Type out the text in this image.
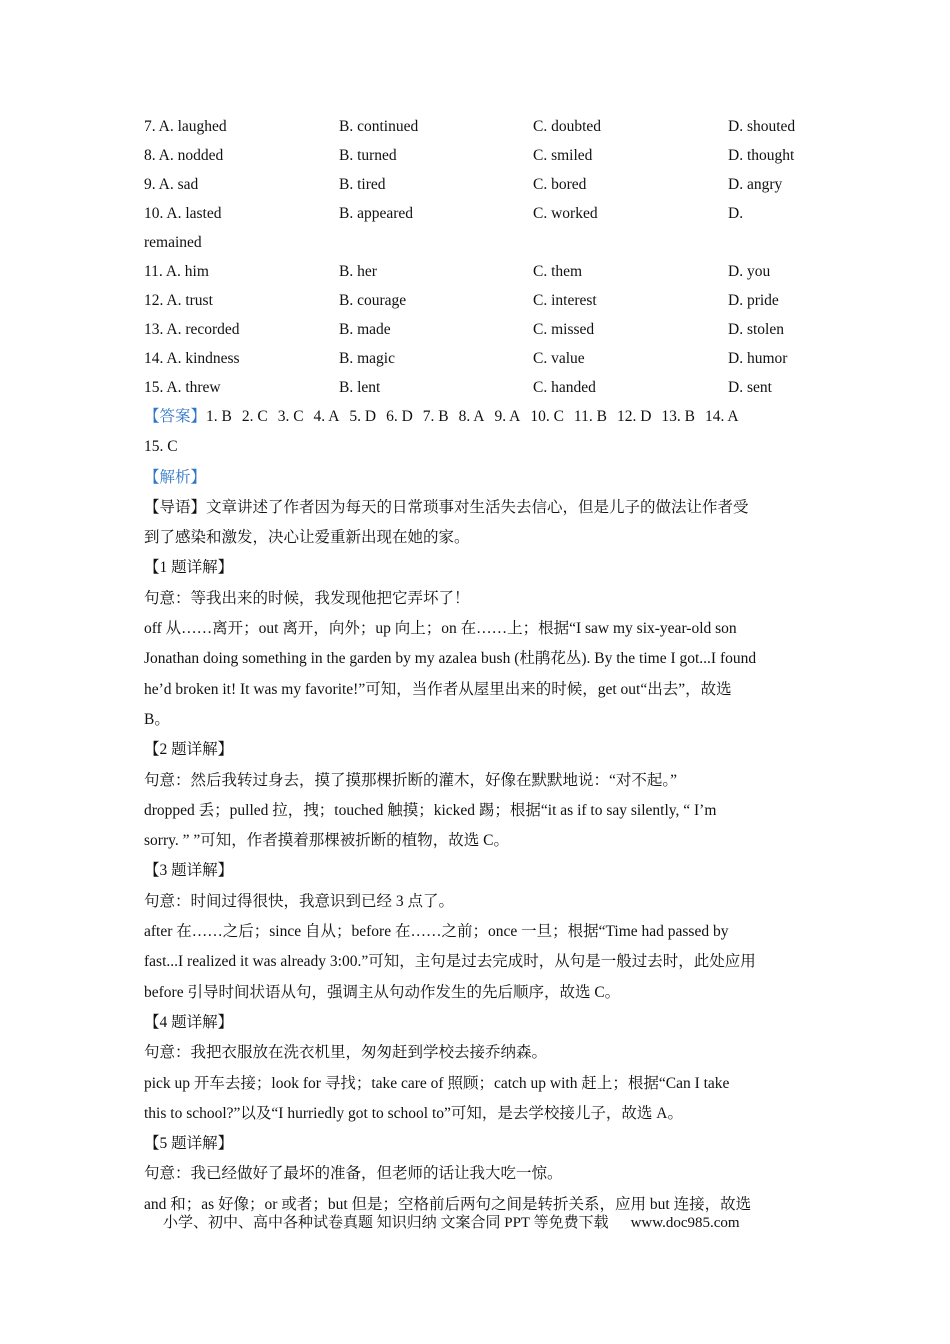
7. A. laughed	B. continued	C. doubted	D. shouted
8. A. nodded	B. turned	C. smiled	D. thought
9. A. sad	B. tired	C. bored	D. angry
10. A. lasted	B. appeared	C. worked	D.
remained
11. A. him	B. her	C. them	D. you
12. A. trust	B. courage	C. interest	D. pride
13. A. recorded	B. made	C. missed	D. stolen
14. A. kindness	B. magic	C. value	D. humor
15. A. threw	B. lent	C. handed	D. sent
【答案】1. B 2. C 3. C 4. A 5. D 6. D 7. B 8. A 9. A 10. C 11. B 12. D 13. B 14. A
15. C
【解析】
【导语】文章讲述了作者因为每天的日常琐事对生活失去信心，但是儿子的做法让作者受
到了感染和激发，决心让爱重新出现在她的家。
【1 题详解】
句意：等我出来的时候，我发现他把它弄坏了！
off 从……离开；out 离开，向外；up 向上；on 在……上；根据“I saw my six-year-old son
Jonathan doing something in the garden by my azalea bush (杜鹃花丛). By the time I got...I found
he’d broken it! It was my favorite!”可知，当作者从屋里出来的时候，get out“出去”，故选
B。
【2 题详解】
句意：然后我转过身去，摸了摸那棵折断的灌木，好像在默默地说：“对不起。”
dropped 丢；pulled 拉，拽；touched 触摸；kicked 踢；根据“it as if to say silently, “ I’m
sorry. ” ”可知，作者摸着那棵被折断的植物，故选 C。
【3 题详解】
句意：时间过得很快，我意识到已经 3 点了。
after 在……之后；since 自从；before 在……之前；once 一旦；根据“Time had passed by
fast...I realized it was already 3:00.”可知，主句是过去完成时，从句是一般过去时，此处应用
before 引导时间状语从句，强调主从句动作发生的先后顺序，故选 C。
【4 题详解】
句意：我把衣服放在洗衣机里，匆匆赶到学校去接乔纳森。
pick up 开车去接；look for 寻找；take care of 照顾；catch up with 赶上；根据“Can I take
this to school?”以及“I hurriedly got to school to”可知，是去学校接儿子，故选 A。
【5 题详解】
句意：我已经做好了最坏的准备，但老师的话让我大吃一惊。
and 和；as 好像；or 或者；but 但是；空格前后两句之间是转折关系，应用 but 连接，故选
小学、初中、高中各种试卷真题 知识归纳 文案合同 PPT 等免费下载 www.doc985.com
